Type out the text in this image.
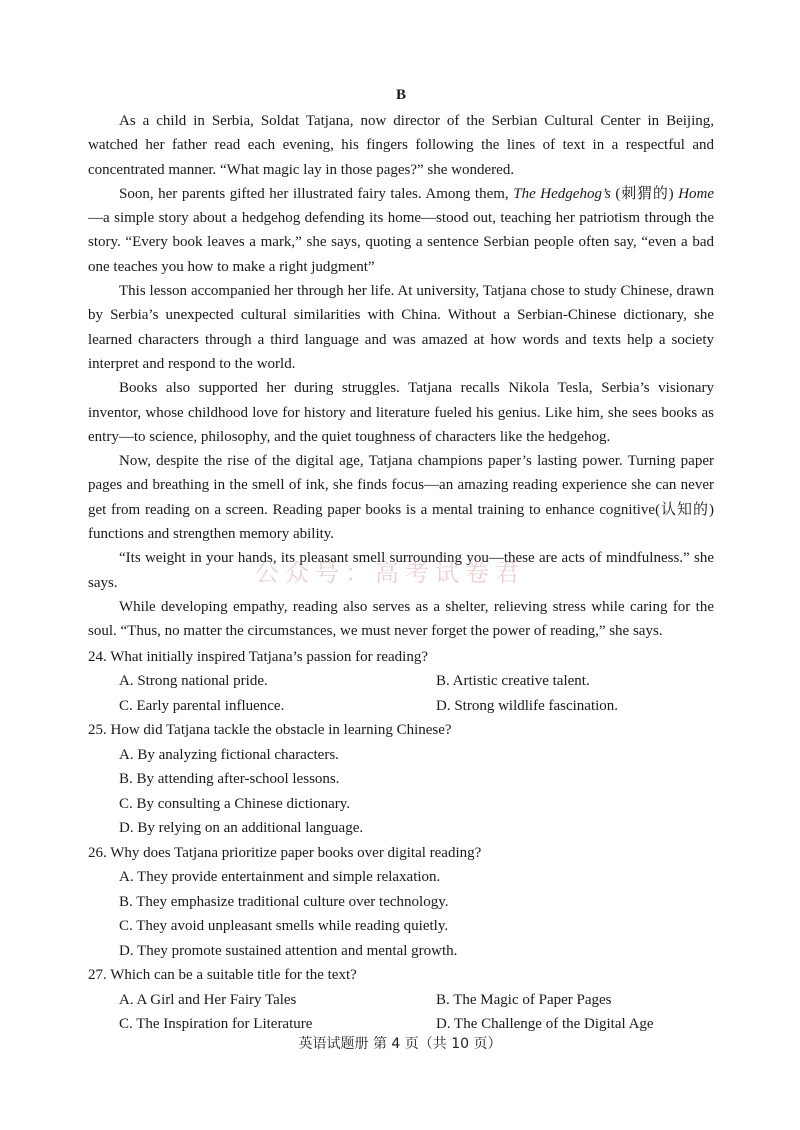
B

As a child in Serbia, Soldat Tatjana, now director of the Serbian Cultural Center in Beijing, watched her father read each evening, his fingers following the lines of text in a respectful and concentrated manner. “What magic lay in those pages?” she wondered.

Soon, her parents gifted her illustrated fairy tales. Among them, The Hedgehog’s (刺猬的) Home—a simple story about a hedgehog defending its home—stood out, teaching her patriotism through the story. “Every book leaves a mark,” she says, quoting a sentence Serbian people often say, “even a bad one teaches you how to make a right judgment”

This lesson accompanied her through her life. At university, Tatjana chose to study Chinese, drawn by Serbia’s unexpected cultural similarities with China. Without a Serbian-Chinese dictionary, she learned characters through a third language and was amazed at how words and texts help a society interpret and respond to the world.

Books also supported her during struggles. Tatjana recalls Nikola Tesla, Serbia’s visionary inventor, whose childhood love for history and literature fueled his genius. Like him, she sees books as entry—to science, philosophy, and the quiet toughness of characters like the hedgehog.

Now, despite the rise of the digital age, Tatjana champions paper’s lasting power. Turning paper pages and breathing in the smell of ink, she finds focus—an amazing reading experience she can never get from reading on a screen. Reading paper books is a mental training to enhance cognitive(认知的) functions and strengthen memory ability.

“Its weight in your hands, its pleasant smell surrounding you—these are acts of mindfulness.” she says.

While developing empathy, reading also serves as a shelter, relieving stress while caring for the soul. “Thus, no matter the circumstances, we must never forget the power of reading,” she says.

24. What initially inspired Tatjana’s passion for reading?

A. Strong national pride.	B. Artistic creative talent.
C. Early parental influence.	D. Strong wildlife fascination.

25. How did Tatjana tackle the obstacle in learning Chinese?

A. By analyzing fictional characters.
B. By attending after-school lessons.
C. By consulting a Chinese dictionary.
D. By relying on an additional language.

26. Why does Tatjana prioritize paper books over digital reading?

A. They provide entertainment and simple relaxation.
B. They emphasize traditional culture over technology.
C. They avoid unpleasant smells while reading quietly.
D. They promote sustained attention and mental growth.

27. Which can be a suitable title for the text?

A. A Girl and Her Fairy Tales	B. The Magic of Paper Pages
C. The Inspiration for Literature	D. The Challenge of the Digital Age
公众号：高考试卷君
英语试题册 第 4 页（共 10 页）
